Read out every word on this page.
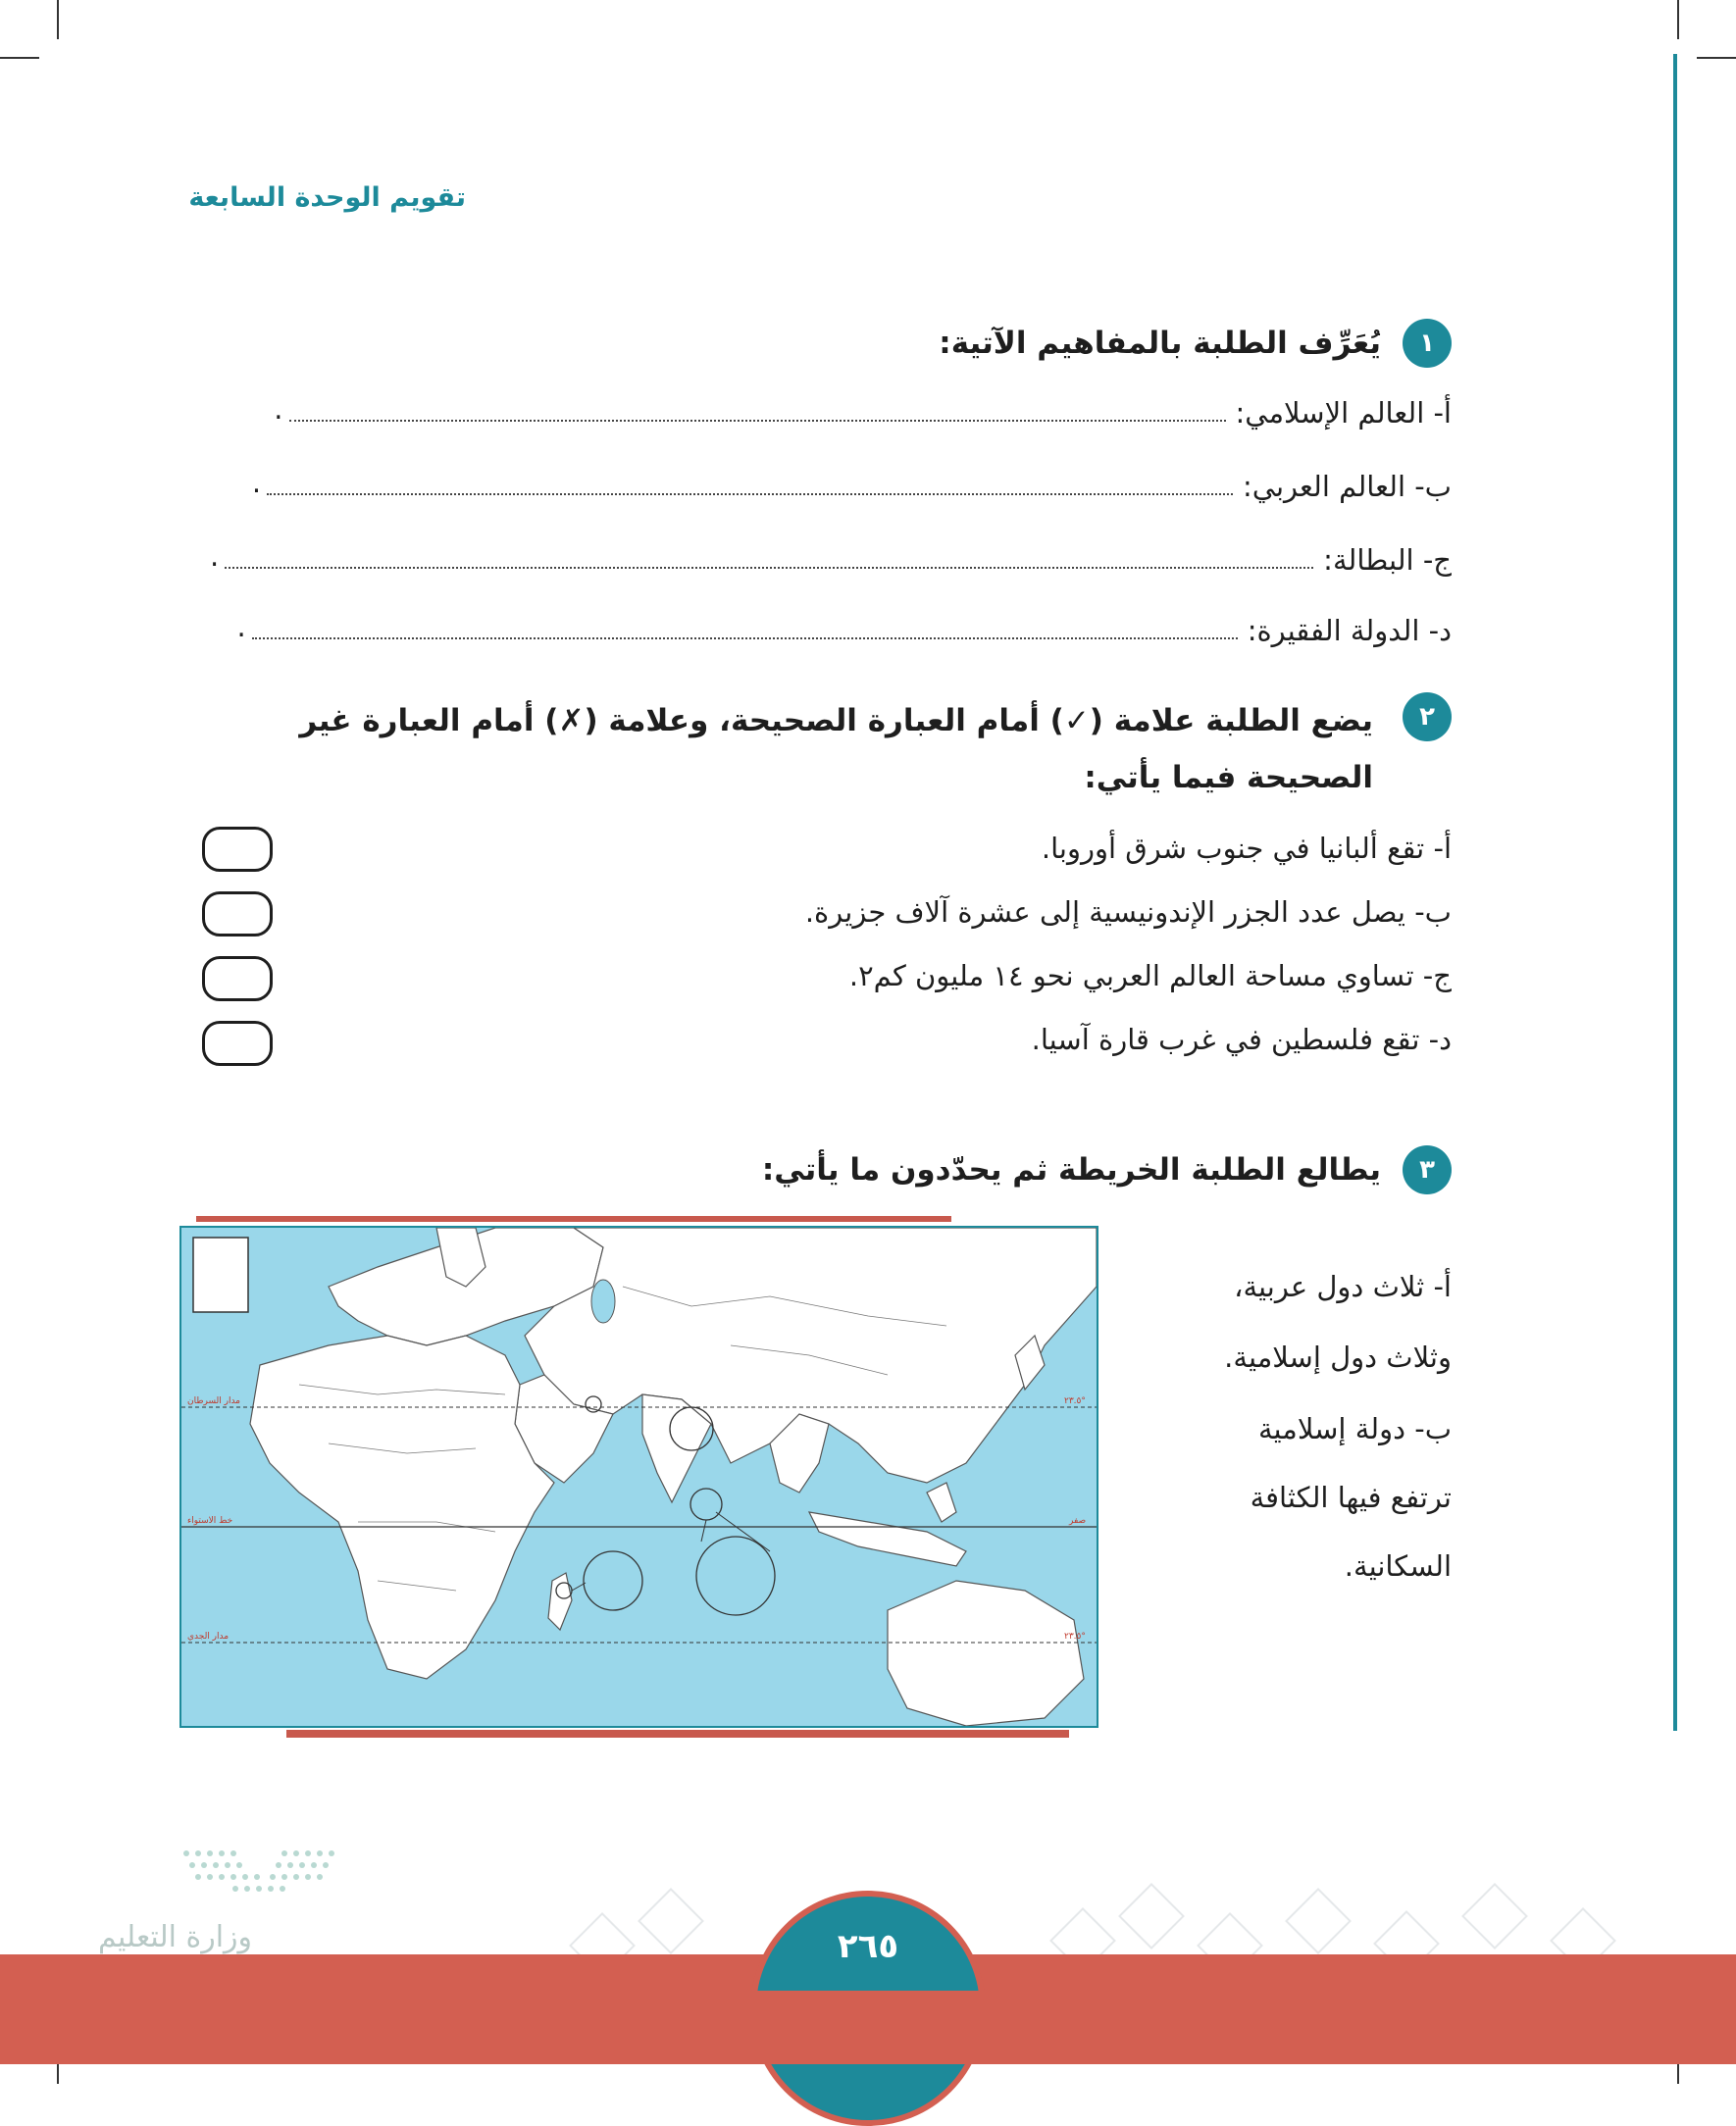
تقويم الوحدة السابعة
١
يُعَرِّف الطلبة بالمفاهيم الآتية:
أ- العالم الإسلامي:
.
ب- العالم العربي:
.
ج- البطالة:
.
د- الدولة الفقيرة:
.
٢
يضع الطلبة علامة (✓) أمام العبارة الصحيحة، وعلامة (✗) أمام العبارة غير الصحيحة فيما يأتي:
أ- تقع ألبانيا في جنوب شرق أوروبا.
ب- يصل عدد الجزر الإندونيسية إلى عشرة آلاف جزيرة.
ج- تساوي مساحة العالم العربي نحو ١٤ مليون كم٢.
د- تقع فلسطين في غرب قارة آسيا.
٣
يطالع الطلبة الخريطة ثم يحدّدون ما يأتي:
أ- ثلاث دول عربية،
وثلاث دول إسلامية.
ب- دولة إسلامية
ترتفع فيها الكثافة
السكانية.
مدار السرطان	٢٣.٥°
خط الاستواء	صفر
مدار الجدي	٢٣.٥°
وزارة التعليم	٢٦٥
